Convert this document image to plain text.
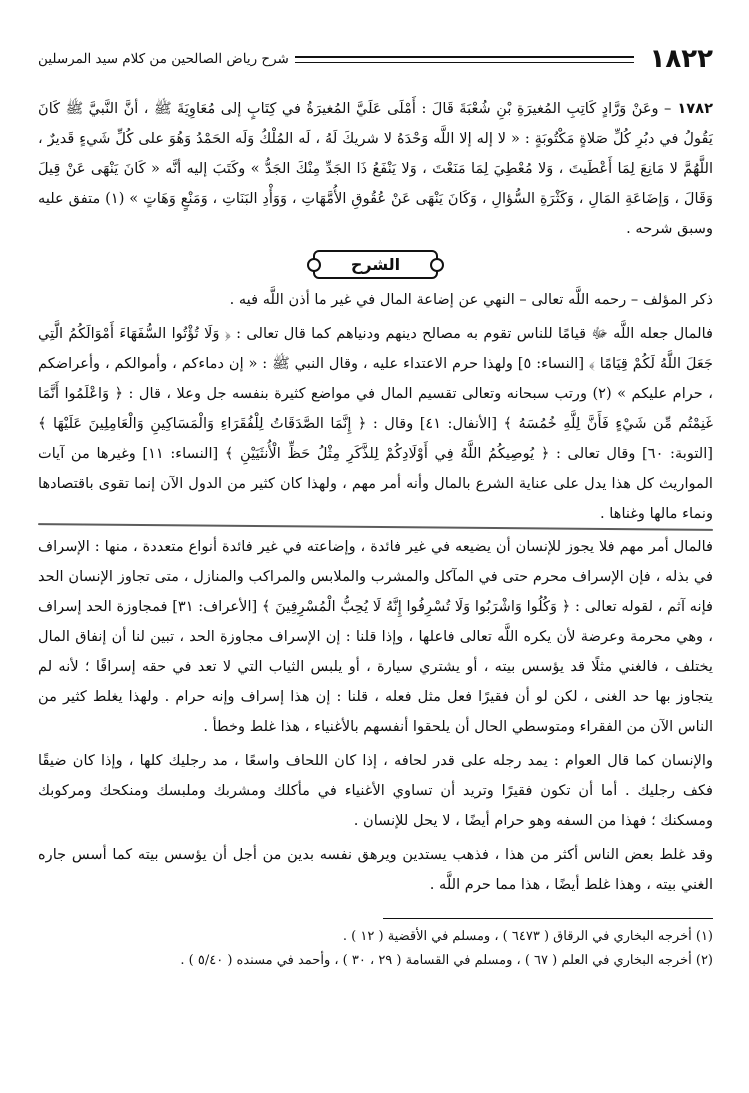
١٨٢٢
شرح رياض الصالحين من كلام سيد المرسلين

١٧٨٢– وعَنْ وَرَّادٍ كَاتِبِ المُغيرَةِ بْنِ شُعْبَةَ قَالَ : أَمْلَى عَلَيَّ المُغيرَةُ في كِتَابٍ إلى مُعَاوِيَةَ ﷺ ، أنَّ النَّبيَّ ﷺ كَانَ يَقُولُ في دبُرِ كُلِّ صَلاةٍ مَكْتُوبَةٍ : « لا إله إلا اللَّه وَحْدَهُ لا شريكَ لَهُ ، لَه المُلْكُ وَلَه الحَمْدُ وَهُوَ على كُلِّ شَيءٍ قَديرٌ ، اللَّهُمَّ لا مَانِعَ لِمَا أَعْطَيتَ ، وَلا مُعْطِيَ لِمَا مَنَعْتَ ، وَلا يَنْفَعُ ذَا الجَدِّ مِنْكَ الجَدُّ » وكَتَبَ إليه أنَّه « كَانَ يَنْهَى عَنْ قِيلَ وَقَالَ ، وَإضَاعَةِ المَالِ ، وَكَثْرَةِ السُّؤالِ ، وَكَانَ يَنْهَى عَنْ عُقُوقِ الأُمَّهَاتِ ، وَوَأْدِ البَنَاتِ ، وَمَنْعٍ وَهَاتٍ » (١) متفق عليه وسبق شرحه .

الشرح

ذكر المؤلف – رحمه اللَّه تعالى – النهي عن إضاعة المال في غير ما أذن اللَّه فيه .

فالمال جعله اللَّه ﷻ قيامًا للناس تقوم به مصالح دينهم ودنياهم كما قال تعالى : ﴿ وَلَا تُؤْتُوا السُّفَهَاءَ أَمْوَالَكُمُ الَّتِي جَعَلَ اللَّهُ لَكُمْ قِيَامًا ﴾ [النساء: ٥] ولهذا حرم الاعتداء عليه ، وقال النبي ﷺ : « إن دماءكم ، وأموالكم ، وأعراضكم ، حرام عليكم » (٢) ورتب سبحانه وتعالى تقسيم المال في مواضع كثيرة بنفسه جل وعلا ، قال : ﴿ وَاعْلَمُوا أَنَّمَا غَنِمْتُم مِّن شَيْءٍ فَأَنَّ لِلَّهِ خُمُسَهُ ﴾ [الأنفال: ٤١] وقال : ﴿ إِنَّمَا الصَّدَقَاتُ لِلْفُقَرَاءِ وَالْمَسَاكِينِ وَالْعَامِلِينَ عَلَيْهَا ﴾ [التوبة: ٦٠] وقال تعالى : ﴿ يُوصِيكُمُ اللَّهُ فِي أَوْلَادِكُمْ لِلذَّكَرِ مِثْلُ حَظِّ الْأُنثَيَيْنِ ﴾ [النساء: ١١] وغيرها من آيات المواريث كل هذا يدل على عناية الشرع بالمال وأنه أمر مهم ، ولهذا كان كثير من الدول الآن إنما تقوى باقتصادها ونماء مالها وغناها .

فالمال أمر مهم فلا يجوز للإنسان أن يضيعه في غير فائدة ، وإضاعته في غير فائدة أنواع متعددة ، منها : الإسراف في بذله ، فإن الإسراف محرم حتى في المآكل والمشرب والملابس والمراكب والمنازل ، متى تجاوز الإنسان الحد فإنه آثم ، لقوله تعالى : ﴿ وَكُلُوا وَاشْرَبُوا وَلَا تُسْرِفُوا إِنَّهُ لَا يُحِبُّ الْمُسْرِفِينَ ﴾ [الأعراف: ٣١] فمجاوزة الحد إسراف ، وهي محرمة وعرضة لأن يكره اللَّه تعالى فاعلها ، وإذا قلنا : إن الإسراف مجاوزة الحد ، تبين لنا أن إنفاق المال يختلف ، فالغني مثلًا قد يؤسس بيته ، أو يشتري سيارة ، أو يلبس الثياب التي لا تعد في حقه إسرافًا ؛ لأنه لم يتجاوز بها حد الغنى ، لكن لو أن فقيرًا فعل مثل فعله ، قلنا : إن هذا إسراف وإنه حرام . ولهذا يغلط كثير من الناس الآن من الفقراء ومتوسطي الحال أن يلحقوا أنفسهم بالأغنياء ، هذا غلط وخطأ .

والإنسان كما قال العوام : يمد رجله على قدر لحافه ، إذا كان اللحاف واسعًا ، مد رجليك كلها ، وإذا كان ضيقًا فكف رجليك . أما أن تكون فقيرًا وتريد أن تساوي الأغنياء في مأكلك ومشربك وملبسك ومنكحك ومركوبك ومسكنك ؛ فهذا من السفه وهو حرام أيضًا ، لا يحل للإنسان .

وقد غلط بعض الناس أكثر من هذا ، فذهب يستدين ويرهق نفسه بدين من أجل أن يؤسس بيته كما أسس جاره الغني بيته ، وهذا غلط أيضًا ، هذا مما حرم اللَّه .

(١) أخرجه البخاري في الرقاق ( ٦٤٧٣ ) ، ومسلم في الأقضية ( ١٢ ) .
(٢) أخرجه البخاري في العلم ( ٦٧ ) ، ومسلم في القسامة ( ٢٩ ، ٣٠ ) ، وأحمد في مسنده ( ٥/٤٠ ) .
